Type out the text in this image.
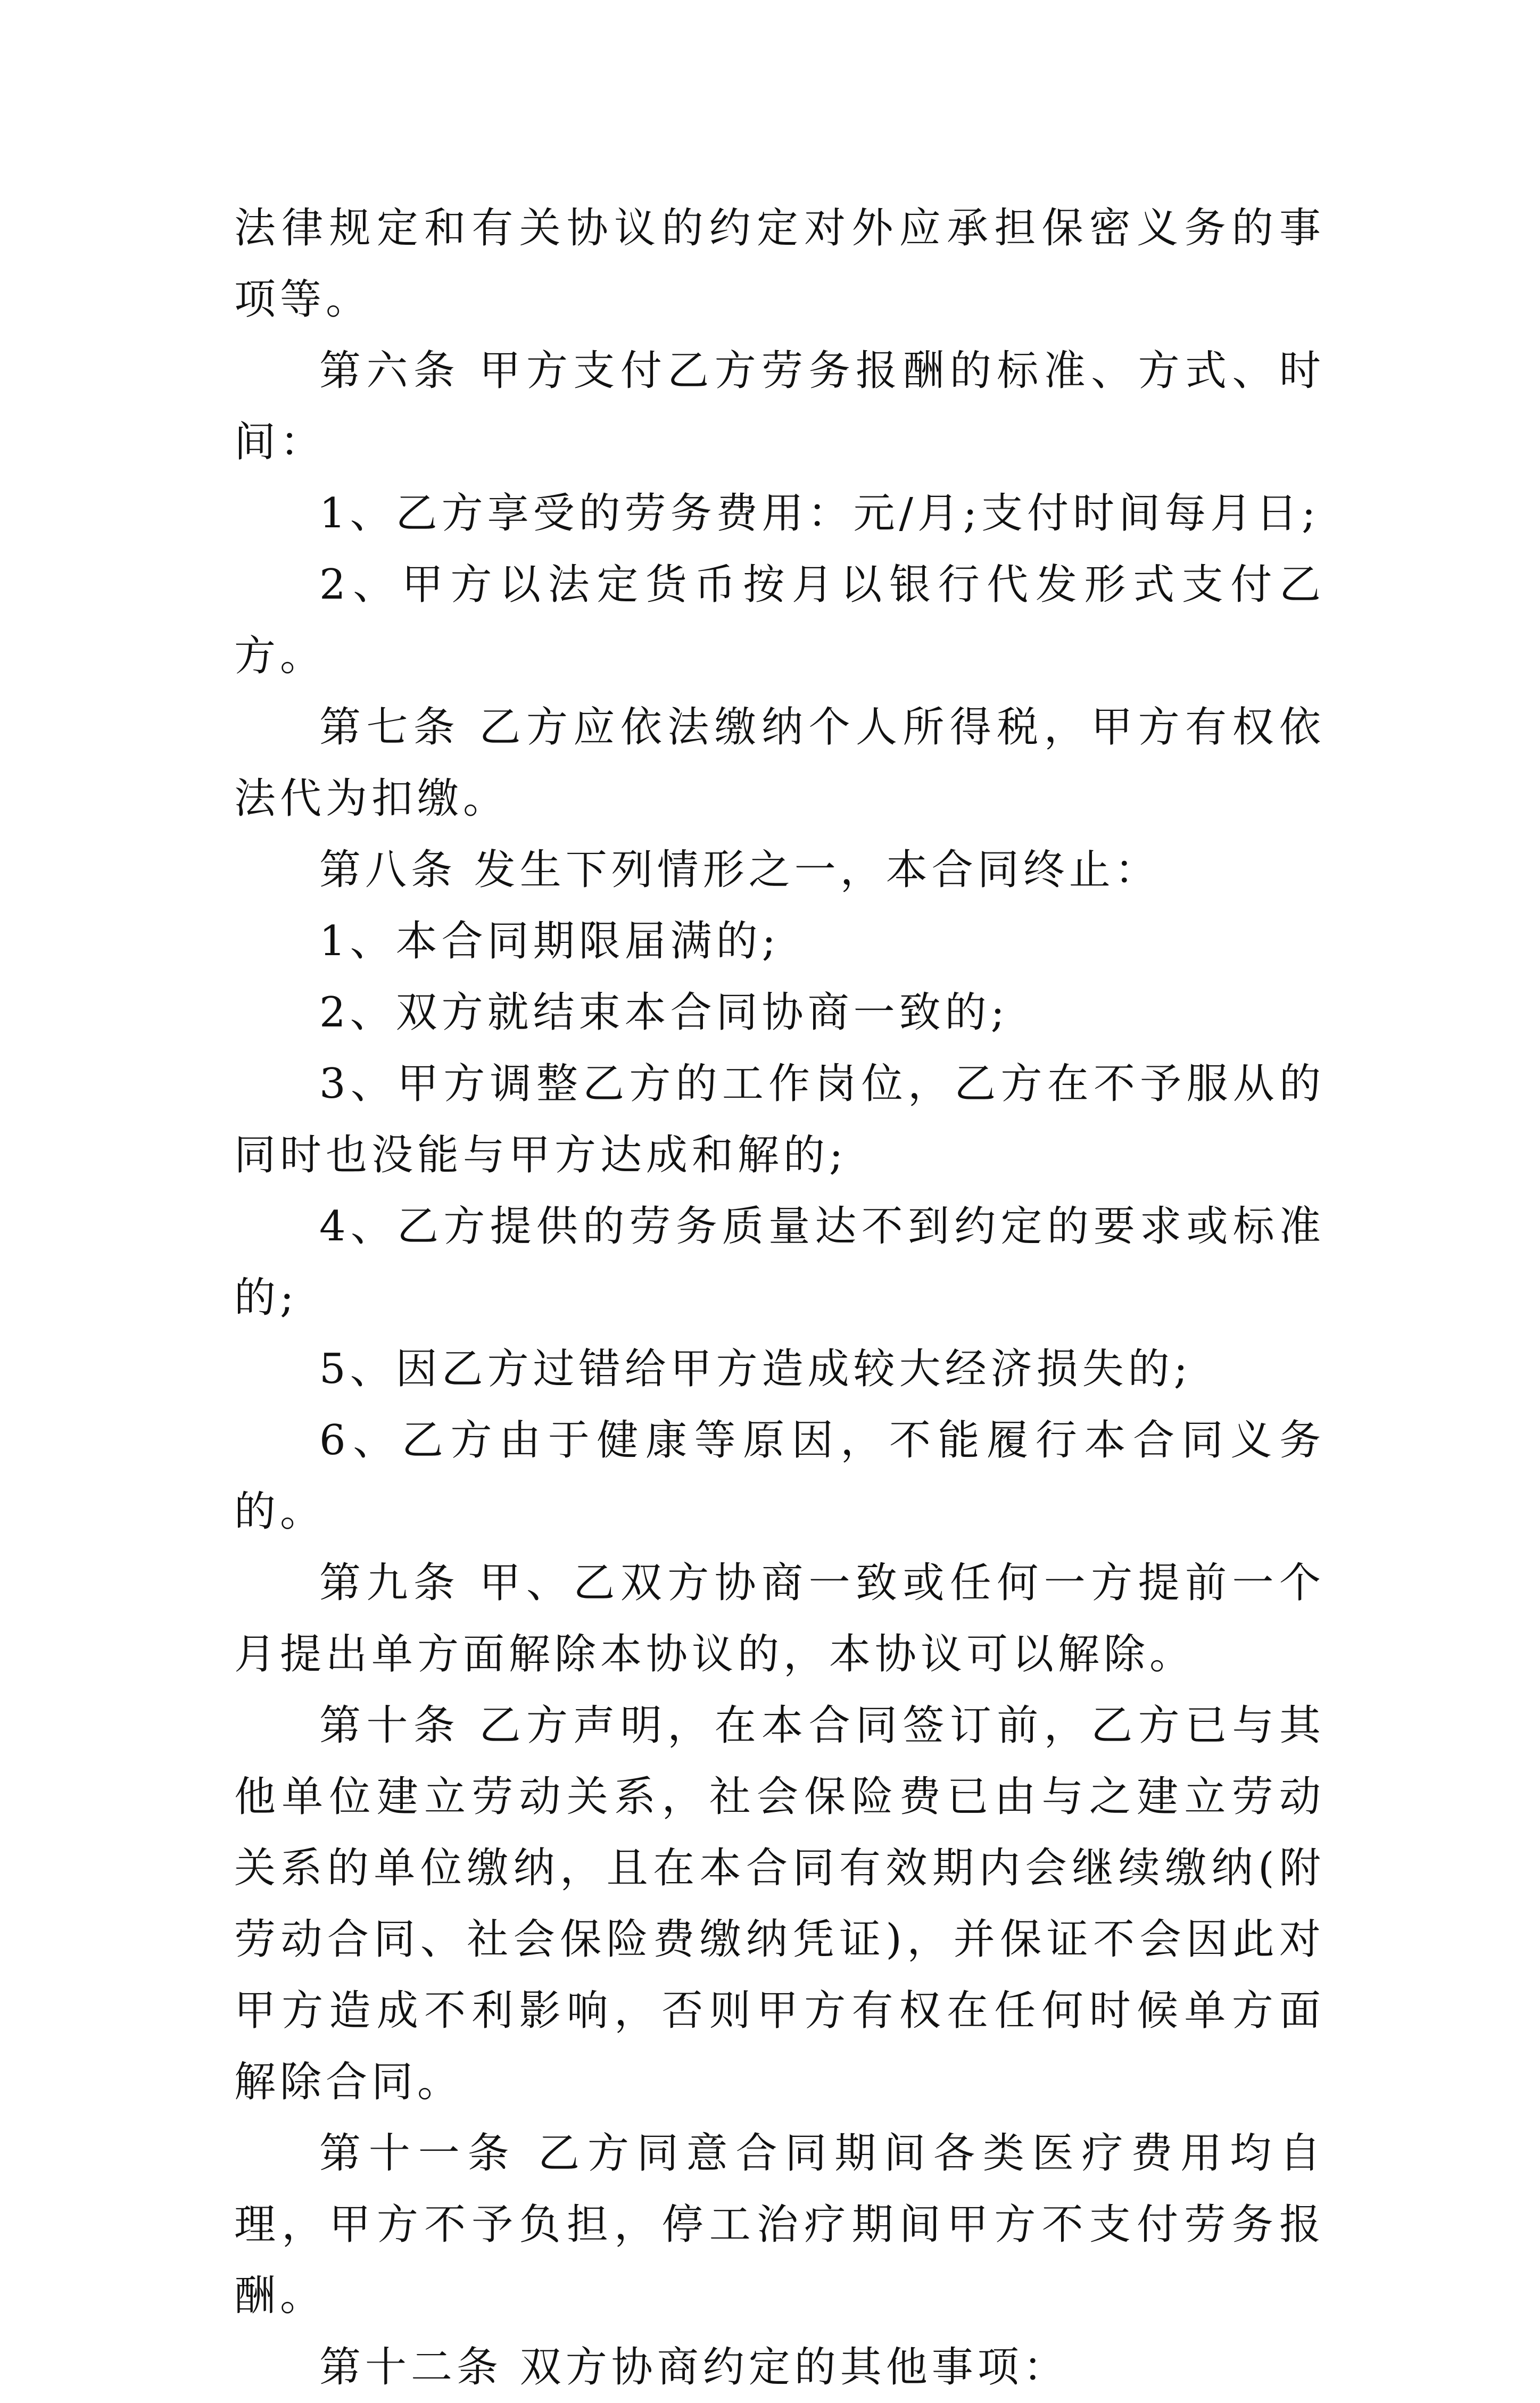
法律规定和有关协议的约定对外应承担保密义务的事项等。

第六条 甲方支付乙方劳务报酬的标准、方式、时间：

1、乙方享受的劳务费用：元/月;支付时间每月日;

2、甲方以法定货币按月以银行代发形式支付乙方。

第七条 乙方应依法缴纳个人所得税，甲方有权依法代为扣缴。

第八条 发生下列情形之一，本合同终止：

1、本合同期限届满的;

2、双方就结束本合同协商一致的;

3、甲方调整乙方的工作岗位，乙方在不予服从的同时也没能与甲方达成和解的;

4、乙方提供的劳务质量达不到约定的要求或标准的;

5、因乙方过错给甲方造成较大经济损失的;

6、乙方由于健康等原因，不能履行本合同义务的。

第九条 甲、乙双方协商一致或任何一方提前一个月提出单方面解除本协议的，本协议可以解除。

第十条 乙方声明，在本合同签订前，乙方已与其他单位建立劳动关系，社会保险费已由与之建立劳动关系的单位缴纳，且在本合同有效期内会继续缴纳(附劳动合同、社会保险费缴纳凭证)，并保证不会因此对甲方造成不利影响，否则甲方有权在任何时候单方面解除合同。

第十一条 乙方同意合同期间各类医疗费用均自理，甲方不予负担，停工治疗期间甲方不支付劳务报酬。

第十二条 双方协商约定的其他事项：
